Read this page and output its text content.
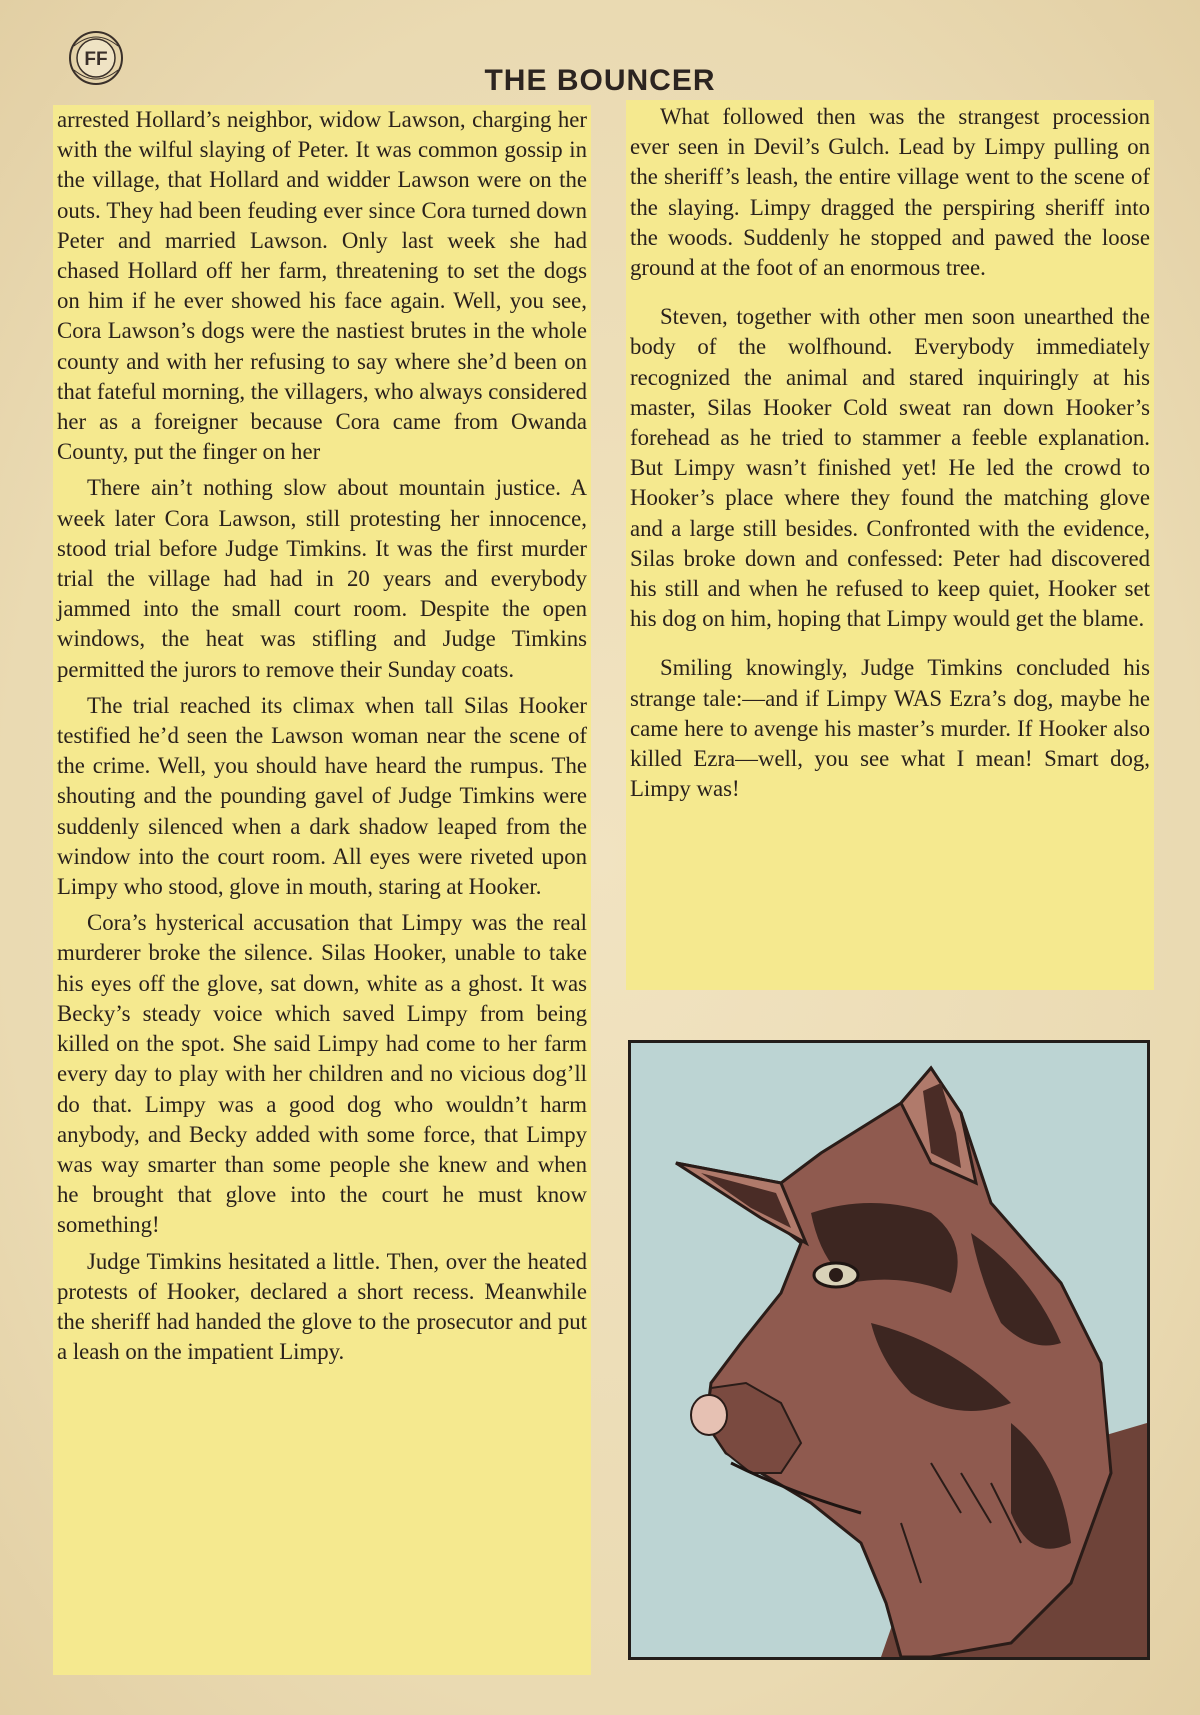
FF
THE BOUNCER

arrested Hollard’s neighbor, widow Lawson, charging her with the wilful slaying of Peter. It was common gossip in the village, that Hollard and widder Lawson were on the outs. They had been feuding ever since Cora turned down Peter and married Lawson. Only last week she had chased Hollard off her farm, threatening to set the dogs on him if he ever showed his face again. Well, you see, Cora Lawson’s dogs were the nastiest brutes in the whole county and with her refusing to say where she’d been on that fateful morning, the villagers, who always considered her as a foreigner because Cora came from Owanda County, put the finger on her

There ain’t nothing slow about mountain justice. A week later Cora Lawson, still protesting her innocence, stood trial before Judge Timkins. It was the first murder trial the village had had in 20 years and everybody jammed into the small court room. Despite the open windows, the heat was stifling and Judge Timkins permitted the jurors to remove their Sunday coats.

The trial reached its climax when tall Silas Hooker testified he’d seen the Lawson woman near the scene of the crime. Well, you should have heard the rumpus. The shouting and the pounding gavel of Judge Timkins were suddenly silenced when a dark shadow leaped from the window into the court room. All eyes were riveted upon Limpy who stood, glove in mouth, staring at Hooker.

Cora’s hysterical accusation that Limpy was the real murderer broke the silence. Silas Hooker, unable to take his eyes off the glove, sat down, white as a ghost. It was Becky’s steady voice which saved Limpy from being killed on the spot. She said Limpy had come to her farm every day to play with her children and no vicious dog’ll do that. Limpy was a good dog who wouldn’t harm anybody, and Becky added with some force, that Limpy was way smarter than some people she knew and when he brought that glove into the court he must know something!

Judge Timkins hesitated a little. Then, over the heated protests of Hooker, declared a short recess. Meanwhile the sheriff had handed the glove to the prosecutor and put a leash on the impatient Limpy.

What followed then was the strangest procession ever seen in Devil’s Gulch. Lead by Limpy pulling on the sheriff’s leash, the entire village went to the scene of the slaying. Limpy dragged the perspiring sheriff into the woods. Suddenly he stopped and pawed the loose ground at the foot of an enormous tree.

Steven, together with other men soon unearthed the body of the wolfhound. Everybody immediately recognized the animal and stared inquiringly at his master, Silas Hooker Cold sweat ran down Hooker’s forehead as he tried to stammer a feeble explanation. But Limpy wasn’t finished yet! He led the crowd to Hooker’s place where they found the matching glove and a large still besides. Confronted with the evidence, Silas broke down and confessed: Peter had discovered his still and when he refused to keep quiet, Hooker set his dog on him, hoping that Limpy would get the blame.

Smiling knowingly, Judge Timkins concluded his strange tale:—and if Limpy WAS Ezra’s dog, maybe he came here to avenge his master’s murder. If Hooker also killed Ezra—well, you see what I mean! Smart dog, Limpy was!
